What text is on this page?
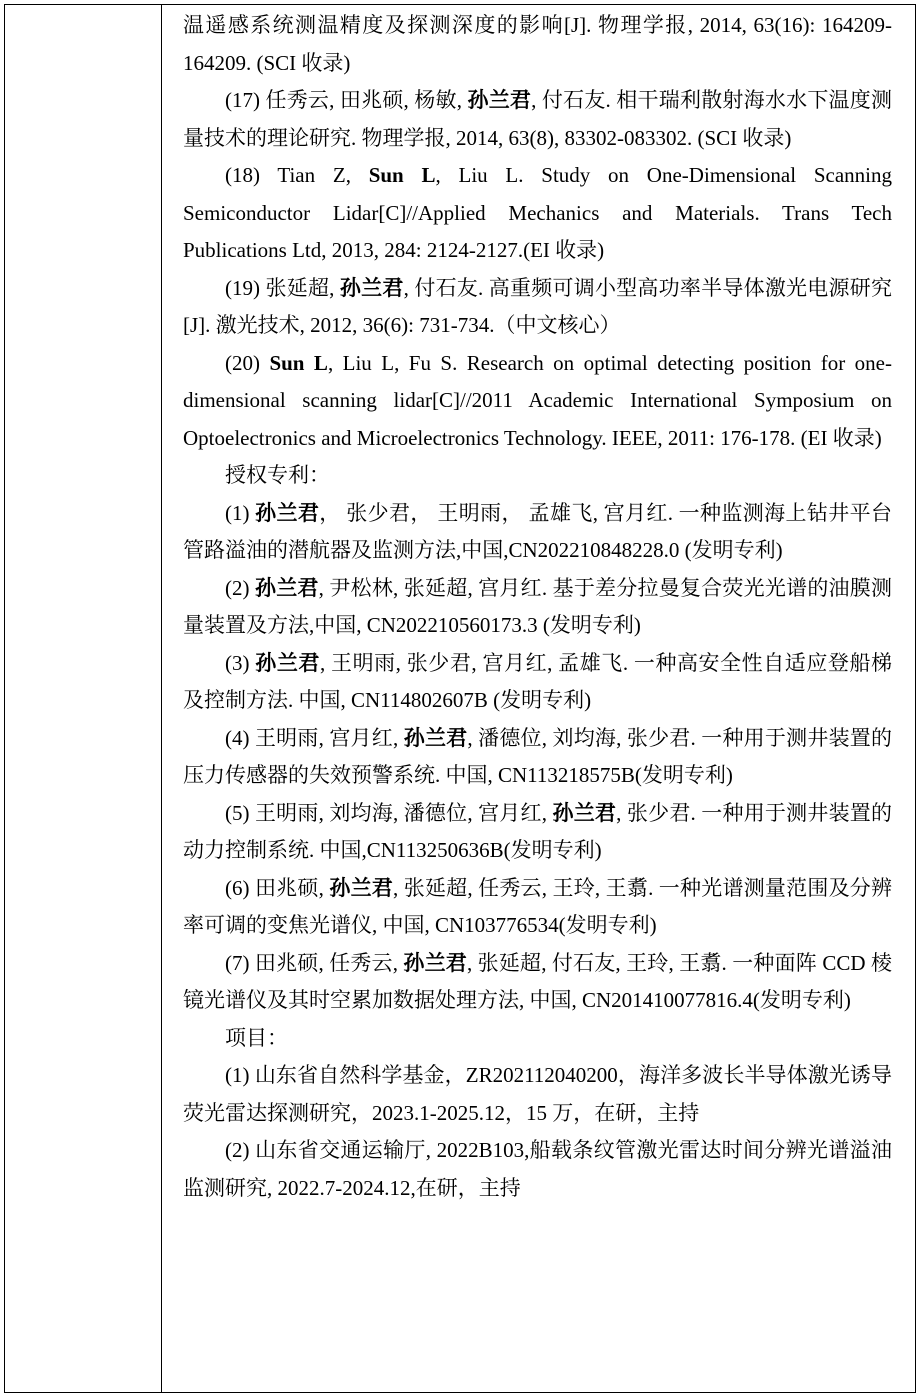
温遥感系统测温精度及探测深度的影响[J]. 物理学报, 2014, 63(16): 164209-164209. (SCI 收录)

(17) 任秀云, 田兆硕, 杨敏, 孙兰君, 付石友. 相干瑞利散射海水水下温度测量技术的理论研究. 物理学报, 2014, 63(8), 83302-083302. (SCI 收录)

(18) Tian Z, Sun L, Liu L. Study on One-Dimensional Scanning Semiconductor Lidar[C]//Applied Mechanics and Materials. Trans Tech Publications Ltd, 2013, 284: 2124-2127.(EI 收录)

(19) 张延超, 孙兰君, 付石友. 高重频可调小型高功率半导体激光电源研究[J]. 激光技术, 2012, 36(6): 731-734.（中文核心）

(20) Sun L, Liu L, Fu S. Research on optimal detecting position for one-dimensional scanning lidar[C]//2011 Academic International Symposium on Optoelectronics and Microelectronics Technology. IEEE, 2011: 176-178. (EI 收录)

授权专利：

(1) 孙兰君， 张少君， 王明雨， 孟雄飞, 宫月红. 一种监测海上钻井平台管路溢油的潜航器及监测方法,中国,CN202210848228.0 (发明专利)

(2) 孙兰君, 尹松林, 张延超, 宫月红. 基于差分拉曼复合荧光光谱的油膜测量装置及方法,中国, CN202210560173.3 (发明专利)

(3) 孙兰君, 王明雨, 张少君, 宫月红, 孟雄飞. 一种高安全性自适应登船梯及控制方法. 中国, CN114802607B (发明专利)

(4) 王明雨, 宫月红, 孙兰君, 潘德位, 刘均海, 张少君. 一种用于测井装置的压力传感器的失效预警系统. 中国, CN113218575B(发明专利)

(5) 王明雨, 刘均海, 潘德位, 宫月红, 孙兰君, 张少君. 一种用于测井装置的动力控制系统. 中国,CN113250636B(发明专利)

(6) 田兆硕, 孙兰君, 张延超, 任秀云, 王玲, 王翥. 一种光谱测量范围及分辨率可调的变焦光谱仪, 中国, CN103776534(发明专利)

(7) 田兆硕, 任秀云, 孙兰君, 张延超, 付石友, 王玲, 王翥. 一种面阵 CCD 棱镜光谱仪及其时空累加数据处理方法, 中国, CN201410077816.4(发明专利)

项目：

(1) 山东省自然科学基金，ZR202112040200，海洋多波长半导体激光诱导荧光雷达探测研究，2023.1-2025.12，15 万，在研，主持

(2) 山东省交通运输厅, 2022B103,船载条纹管激光雷达时间分辨光谱溢油监测研究, 2022.7-2024.12,在研，主持
